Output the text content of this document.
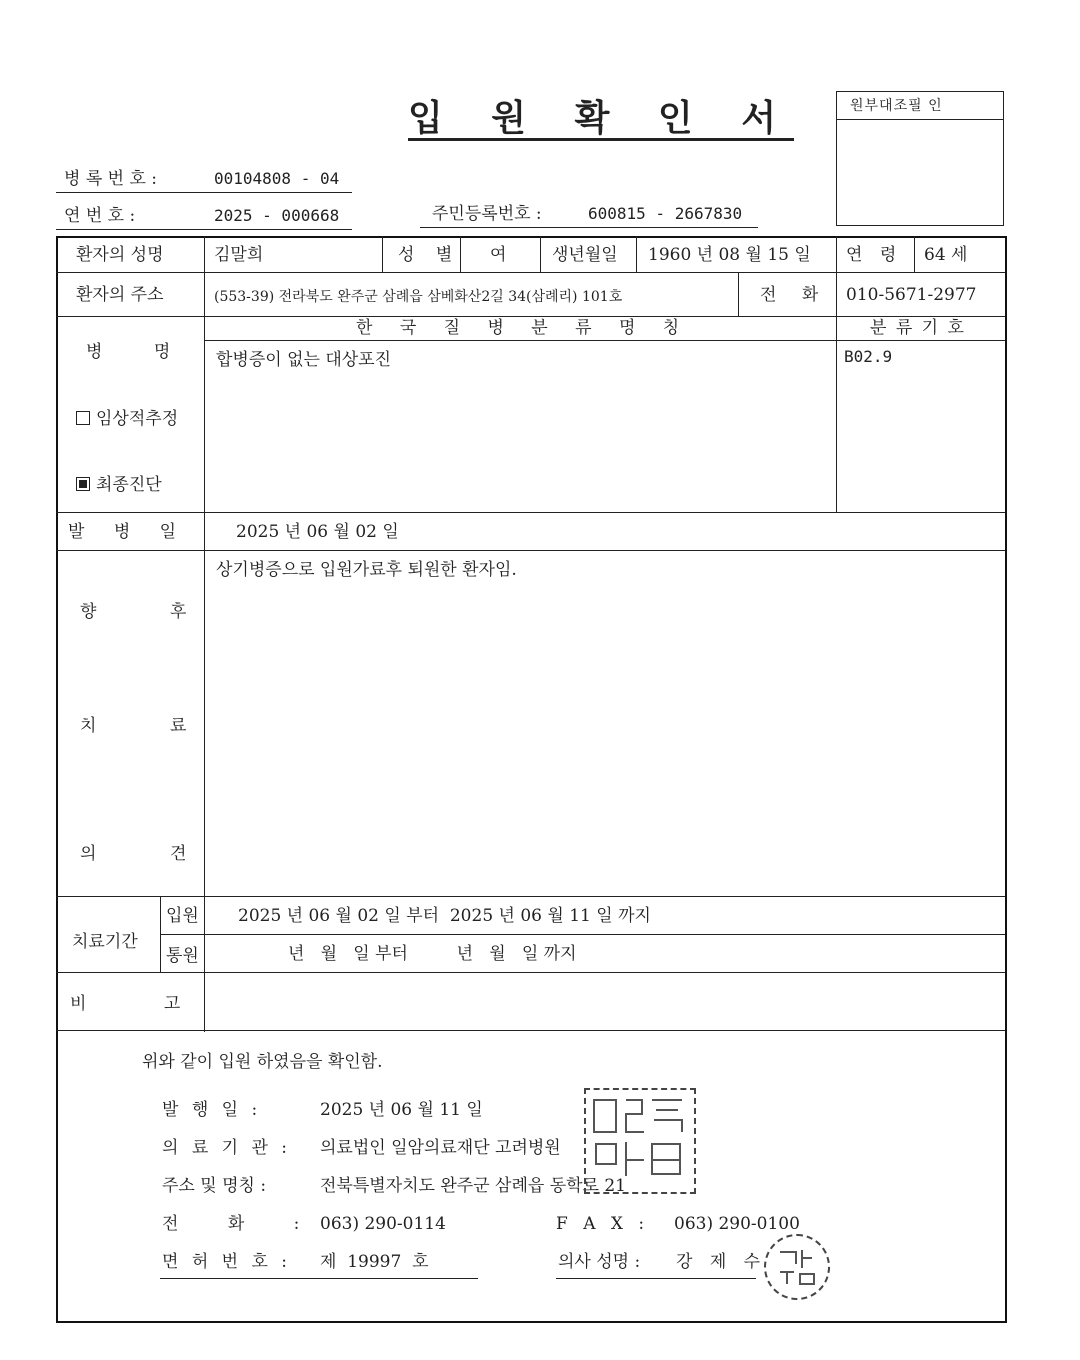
입 원 확 인 서	원부대조필 인
병 록 번 호 :	00104808 - 04
연 번 호 :	2025 - 000668	주민등록번호 :	600815 - 2667830
환자의 성명	김말희	성 별 여	생년월일 1960 년 08 월 15 일 연 령 64 세
환자의 주소	(553-39) 전라북도 완주군 삼례읍 삼베화산2길 34(삼례리) 101호	전 화 010-5671-2977
병 명
한 국 질 병 분 류 명 칭	분 류 기 호
합병증이 없는 대상포진	B02.9
임상적추정
최종진단
발 병 일	2025 년 06 월 02 일
향	후
치	료
의	견
상기병증으로 입원가료후 퇴원한 환자임.
치료기간
입원 2025 년 06 월 02 일 부터  2025 년 06 월 11 일 까지
통원	년   월   일 부터         년   월   일 까지
비 고
위와 같이 입원 하였음을 확인함.
발 행 일 :	2025 년 06 월 11 일
의 료 기 관 : 의료법인 일암의료재단 고려병원
주소 및 명칭 :	전북특별자치도 완주군 삼례읍 동학로 21
전 화 : 063) 290-0114	F A X : 063) 290-0100
면 허 번 호 : 제  19997  호	의사 성명 : 강 제 수
